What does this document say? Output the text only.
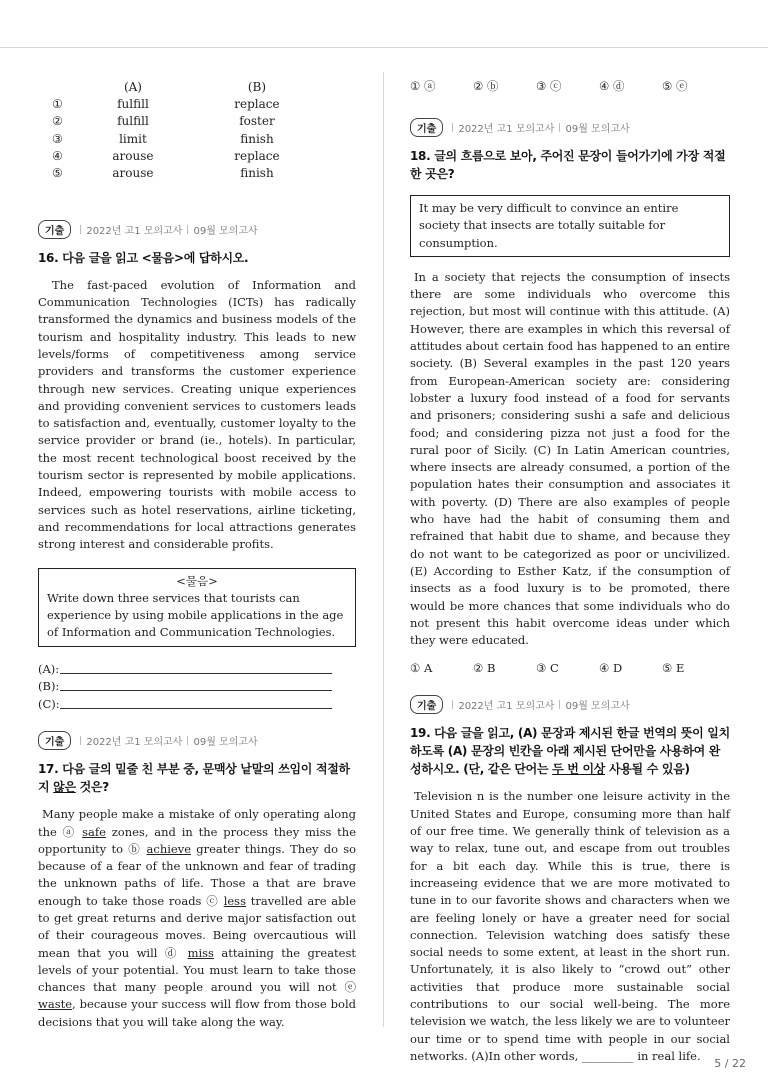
	(A)	(B)
①	fulfill	replace
②	fulfill	foster
③	limit	finish
④	arouse	replace
⑤	arouse	finish
기출	2022년 고1 모의고사 09월 모의고사
16. 다음 글을 읽고 <물음>에 답하시오.

The fast-paced evolution of Information and Communication Technologies (ICTs) has radically transformed the dynamics and business models of the tourism and hospitality industry. This leads to new levels/forms of competitiveness among service providers and transforms the customer experience through new services. Creating unique experiences and providing convenient services to customers leads to satisfaction and, eventually, customer loyalty to the service provider or brand (ie., hotels). In particular, the most recent technological boost received by the tourism sector is represented by mobile applications. Indeed, empowering tourists with mobile access to services such as hotel reservations, airline ticketing, and recommendations for local attractions generates strong interest and considerable profits.

<물음>
Write down three services that tourists can experience by using mobile applications in the age of Information and Communication Technologies.
(A):
(B):
(C):
기출	2022년 고1 모의고사 09월 모의고사
17. 다음 글의 밑줄 친 부분 중, 문맥상 낱말의 쓰임이 적절하지 않은 것은?

Many people make a mistake of only operating along the ⓐ safe zones, and in the process they miss the opportunity to ⓑ achieve greater things. They do so because of a fear of the unknown and fear of trading the unknown paths of life. Those a that are brave enough to take those roads ⓒ less travelled are able to get great returns and derive major satisfaction out of their courageous moves. Being overcautious will mean that you will ⓓ miss attaining the greatest levels of your potential. You must learn to take those chances that many people around you will not ⓔ waste, because your success will flow from those bold decisions that you will take along the way.

① ⓐ	② ⓑ	③ ⓒ	④ ⓓ	⑤ ⓔ
기출	2022년 고1 모의고사 09월 모의고사
18. 글의 흐름으로 보아, 주어진 문장이 들어가기에 가장 적절한 곳은?
It may be very difficult to convince an entire society that insects are totally suitable for consumption.

In a society that rejects the consumption of insects there are some individuals who overcome this rejection, but most will continue with this attitude. (A) However, there are examples in which this reversal of attitudes about certain food has happened to an entire society. (B) Several examples in the past 120 years from European-American society are: considering lobster a luxury food instead of a food for servants and prisoners; considering sushi a safe and delicious food; and considering pizza not just a food for the rural poor of Sicily. (C) In Latin American countries, where insects are already consumed, a portion of the population hates their consumption and associates it with poverty. (D) There are also examples of people who have had the habit of consuming them and refrained that habit due to shame, and because they do not want to be categorized as poor or uncivilized. (E) According to Esther Katz, if the consumption of insects as a food luxury is to be promoted, there would be more chances that some individuals who do not present this habit overcome ideas under which they were educated.

① A	② B	③ C	④ D	⑤ E
기출	2022년 고1 모의고사 09월 모의고사
19. 다음 글을 읽고, (A) 문장과 제시된 한글 번역의 뜻이 일치하도록 (A) 문장의 빈칸을 아래 제시된 단어만을 사용하여 완성하시오. (단, 같은 단어는 두 번 이상 사용될 수 있음)

Television n is the number one leisure activity in the United States and Europe, consuming more than half of our free time. We generally think of television as a way to relax, tune out, and escape from out troubles for a bit each day. While this is true, there is increaseing evidence that we are more motivated to tune in to our favorite shows and characters when we are feeling lonely or have a greater need for social connection. Television watching does satisfy these social needs to some extent, at least in the short run. Unfortunately, it is also likely to “crowd out” other activities that produce more sustainable social contributions to our social well-being. The more television we watch, the less likely we are to volunteer our time or to spend time with people in our social networks. (A)In other words, _________ in real life.

5 / 22
